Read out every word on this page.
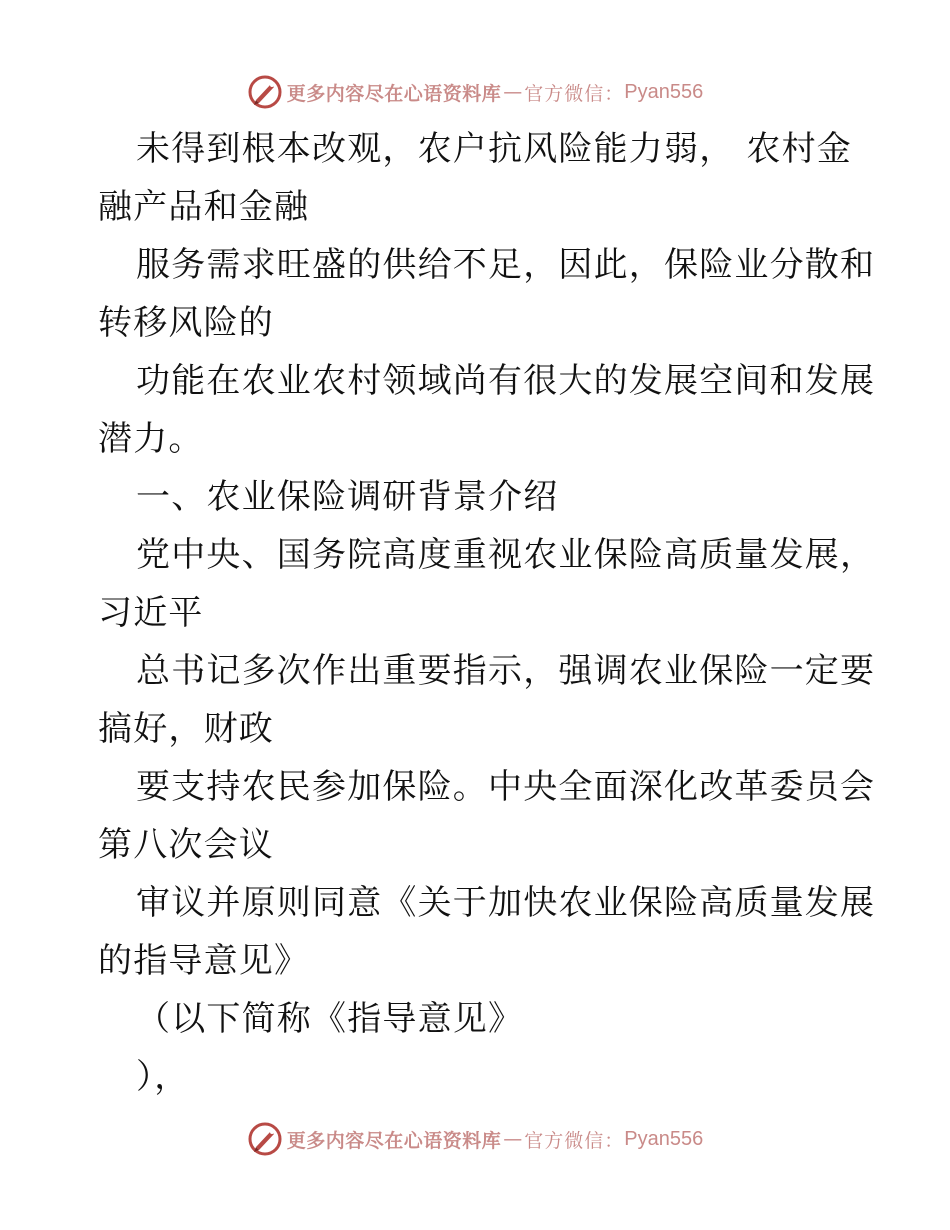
更多内容尽在心语资料库 — 官方微信： Pyan556
未得到根本改观，农户抗风险能力弱， 农村金
融产品和金融
服务需求旺盛的供给不足，因此，保险业分散和
转移风险的
功能在农业农村领域尚有很大的发展空间和发展
潜力。
一、农业保险调研背景介绍
党中央、国务院高度重视农业保险高质量发展，
习近平
总书记多次作出重要指示，强调农业保险一定要
搞好，财政
要支持农民参加保险。中央全面深化改革委员会
第八次会议
审议并原则同意《关于加快农业保险高质量发展
的指导意见》
（以下简称《指导意见》
），
更多内容尽在心语资料库 — 官方微信： Pyan556
